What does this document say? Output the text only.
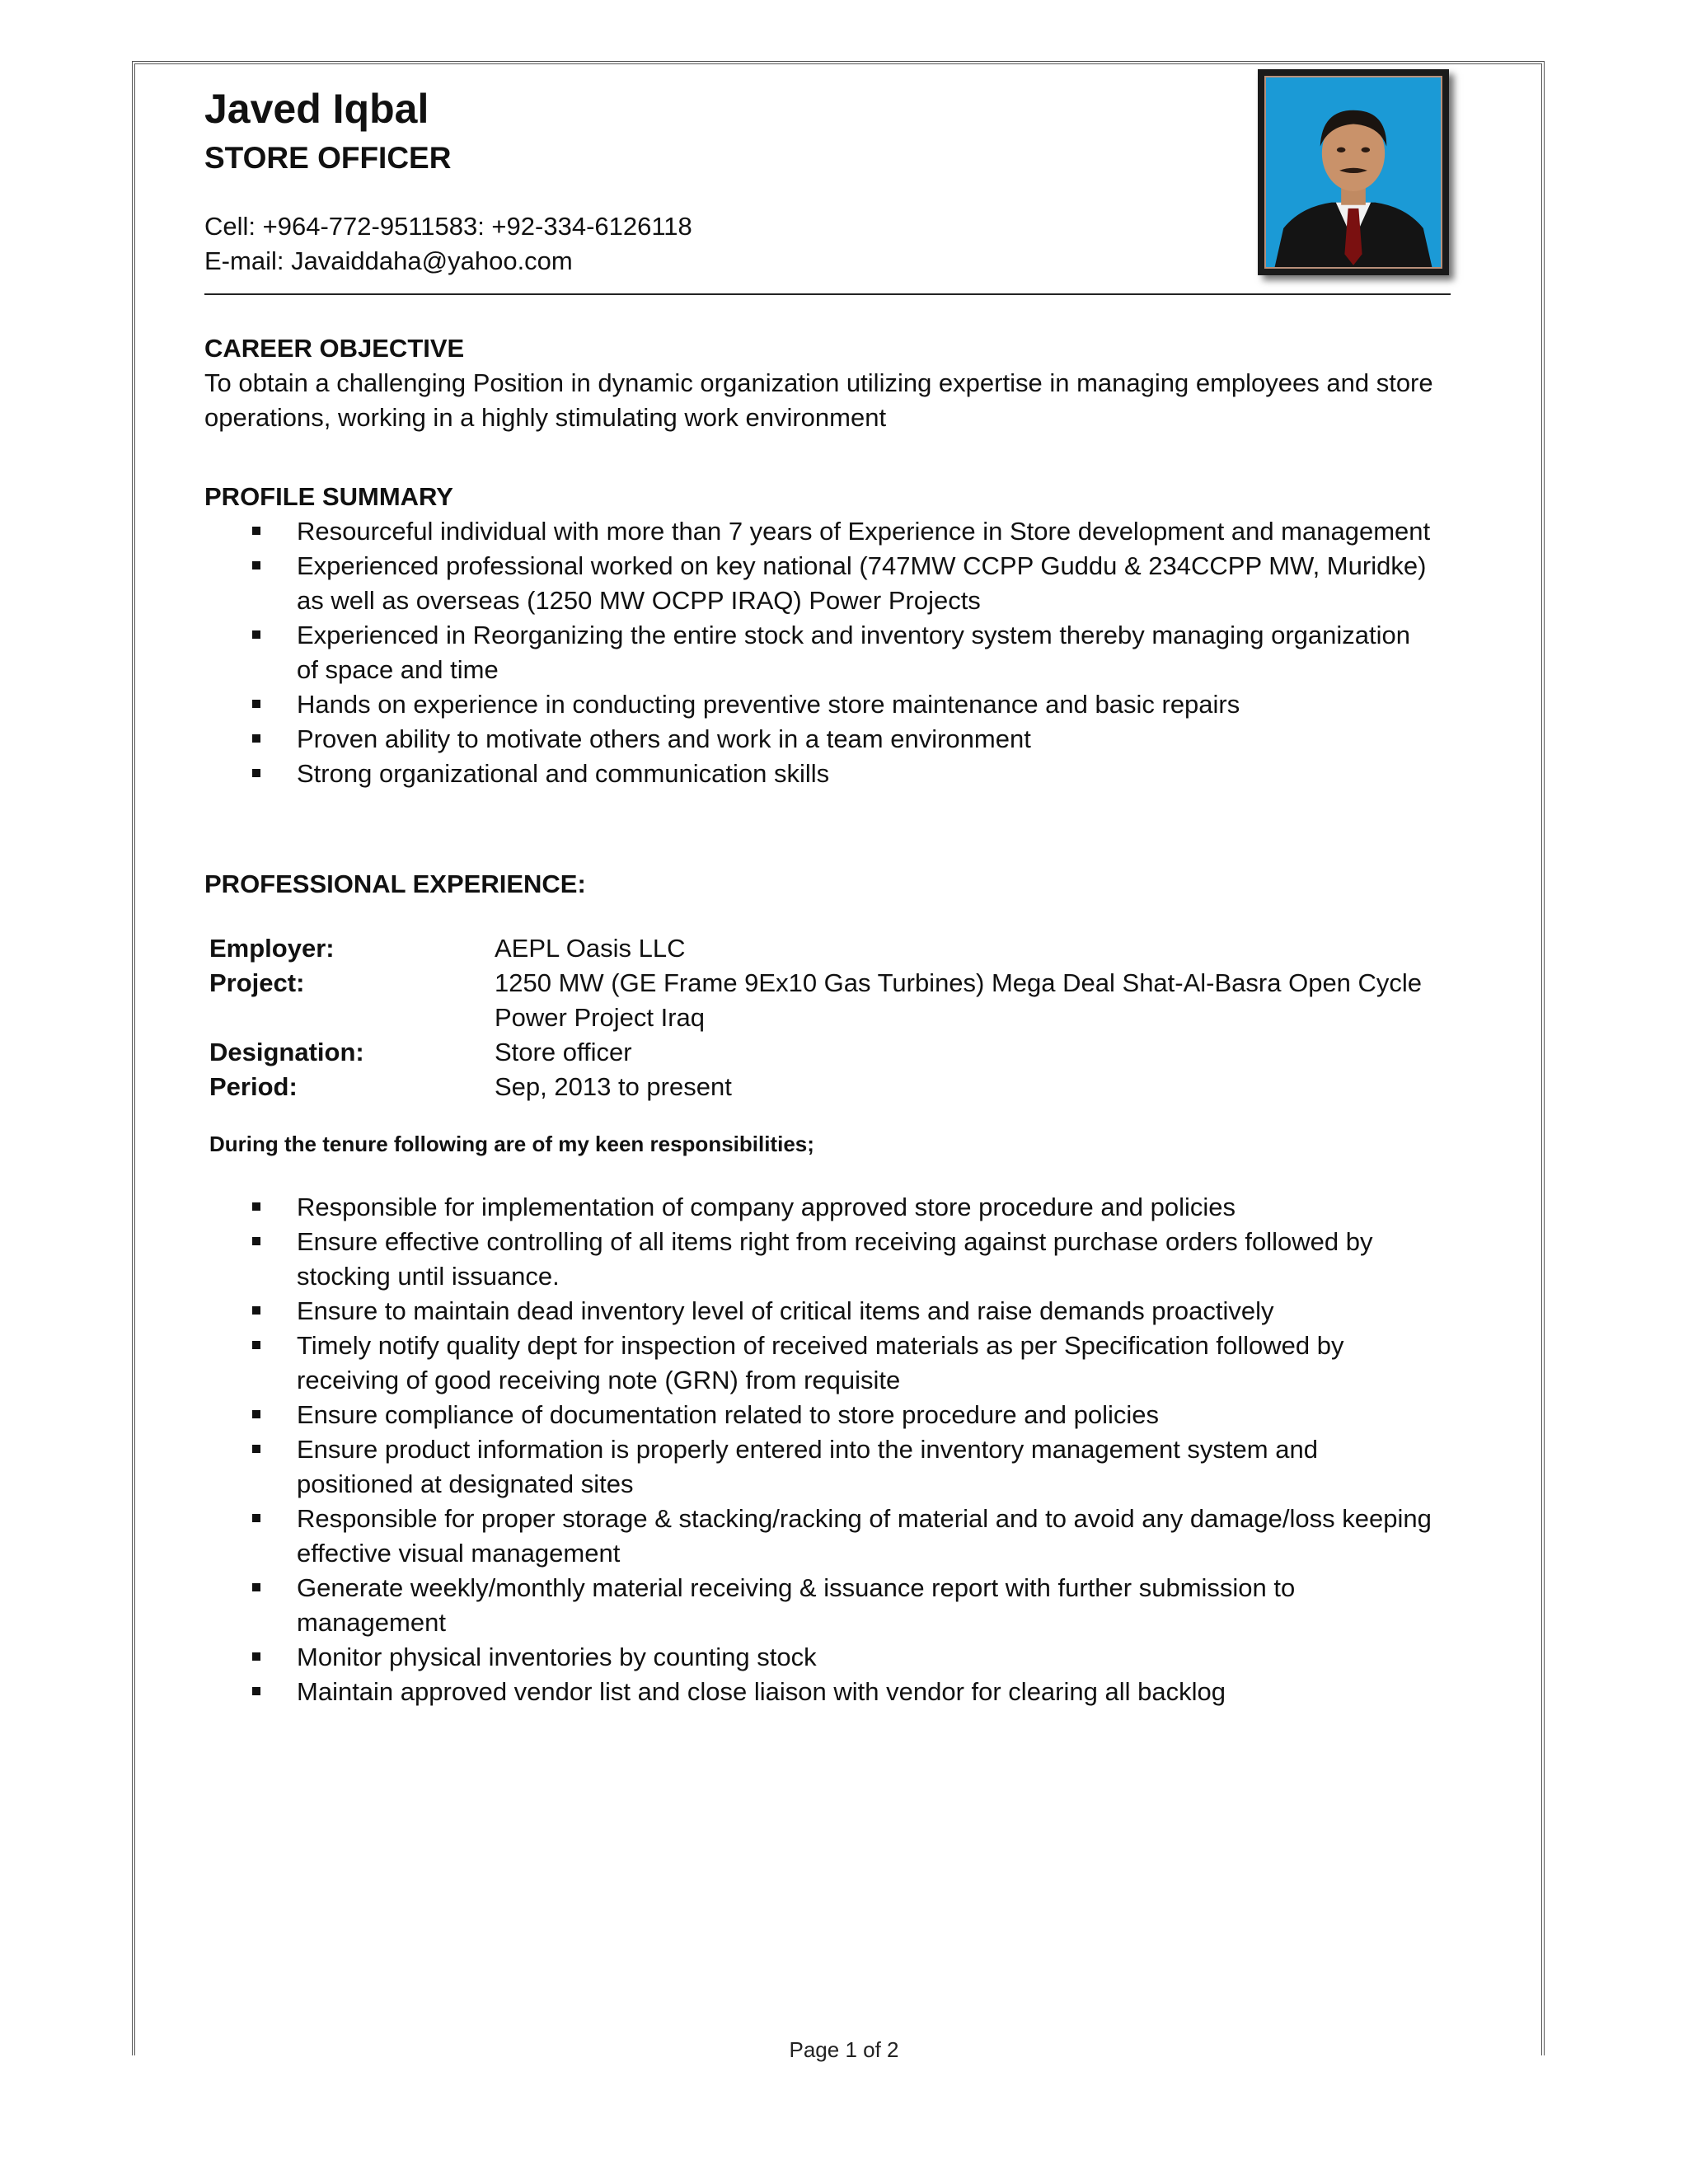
Javed Iqbal
STORE OFFICER

Cell: +964-772-9511583: +92-334-6126118

E-mail: Javaiddaha@yahoo.com

CAREER OBJECTIVE

To obtain a challenging Position in dynamic organization utilizing expertise in managing employees and store operations, working in a highly stimulating work environment

PROFILE SUMMARY
Resourceful individual with more than 7 years of Experience in Store development and management
Experienced professional worked on key national (747MW CCPP Guddu & 234CCPP MW, Muridke) as well as overseas (1250 MW OCPP IRAQ) Power Projects
Experienced in Reorganizing the entire stock and inventory system thereby managing organization of space and time
Hands on experience in conducting preventive store maintenance and basic repairs
Proven ability to motivate others and work in a team environment
Strong organizational and communication skills
PROFESSIONAL EXPERIENCE:
Employer:	AEPL Oasis LLC
Project:	1250 MW (GE Frame 9Ex10 Gas Turbines) Mega Deal Shat-Al-Basra Open Cycle Power Project Iraq
Designation:	Store officer
Period:	Sep, 2013 to present

During the tenure following are of my keen responsibilities;

Responsible for implementation of company approved store procedure and policies
Ensure effective controlling of all items right from receiving against purchase orders followed by stocking until issuance.
Ensure to maintain dead inventory level of critical items and raise demands proactively
Timely notify quality dept for inspection of received materials as per Specification followed by receiving of good receiving note (GRN) from requisite
Ensure compliance of documentation related to store procedure and policies
Ensure product information is properly entered into the inventory management system and positioned at designated sites
Responsible for proper storage & stacking/racking of material and to avoid any damage/loss keeping effective visual management
Generate weekly/monthly material receiving & issuance report with further submission to management
Monitor physical inventories by counting stock
Maintain approved vendor list and close liaison with vendor for clearing all backlog
Page 1 of 2
